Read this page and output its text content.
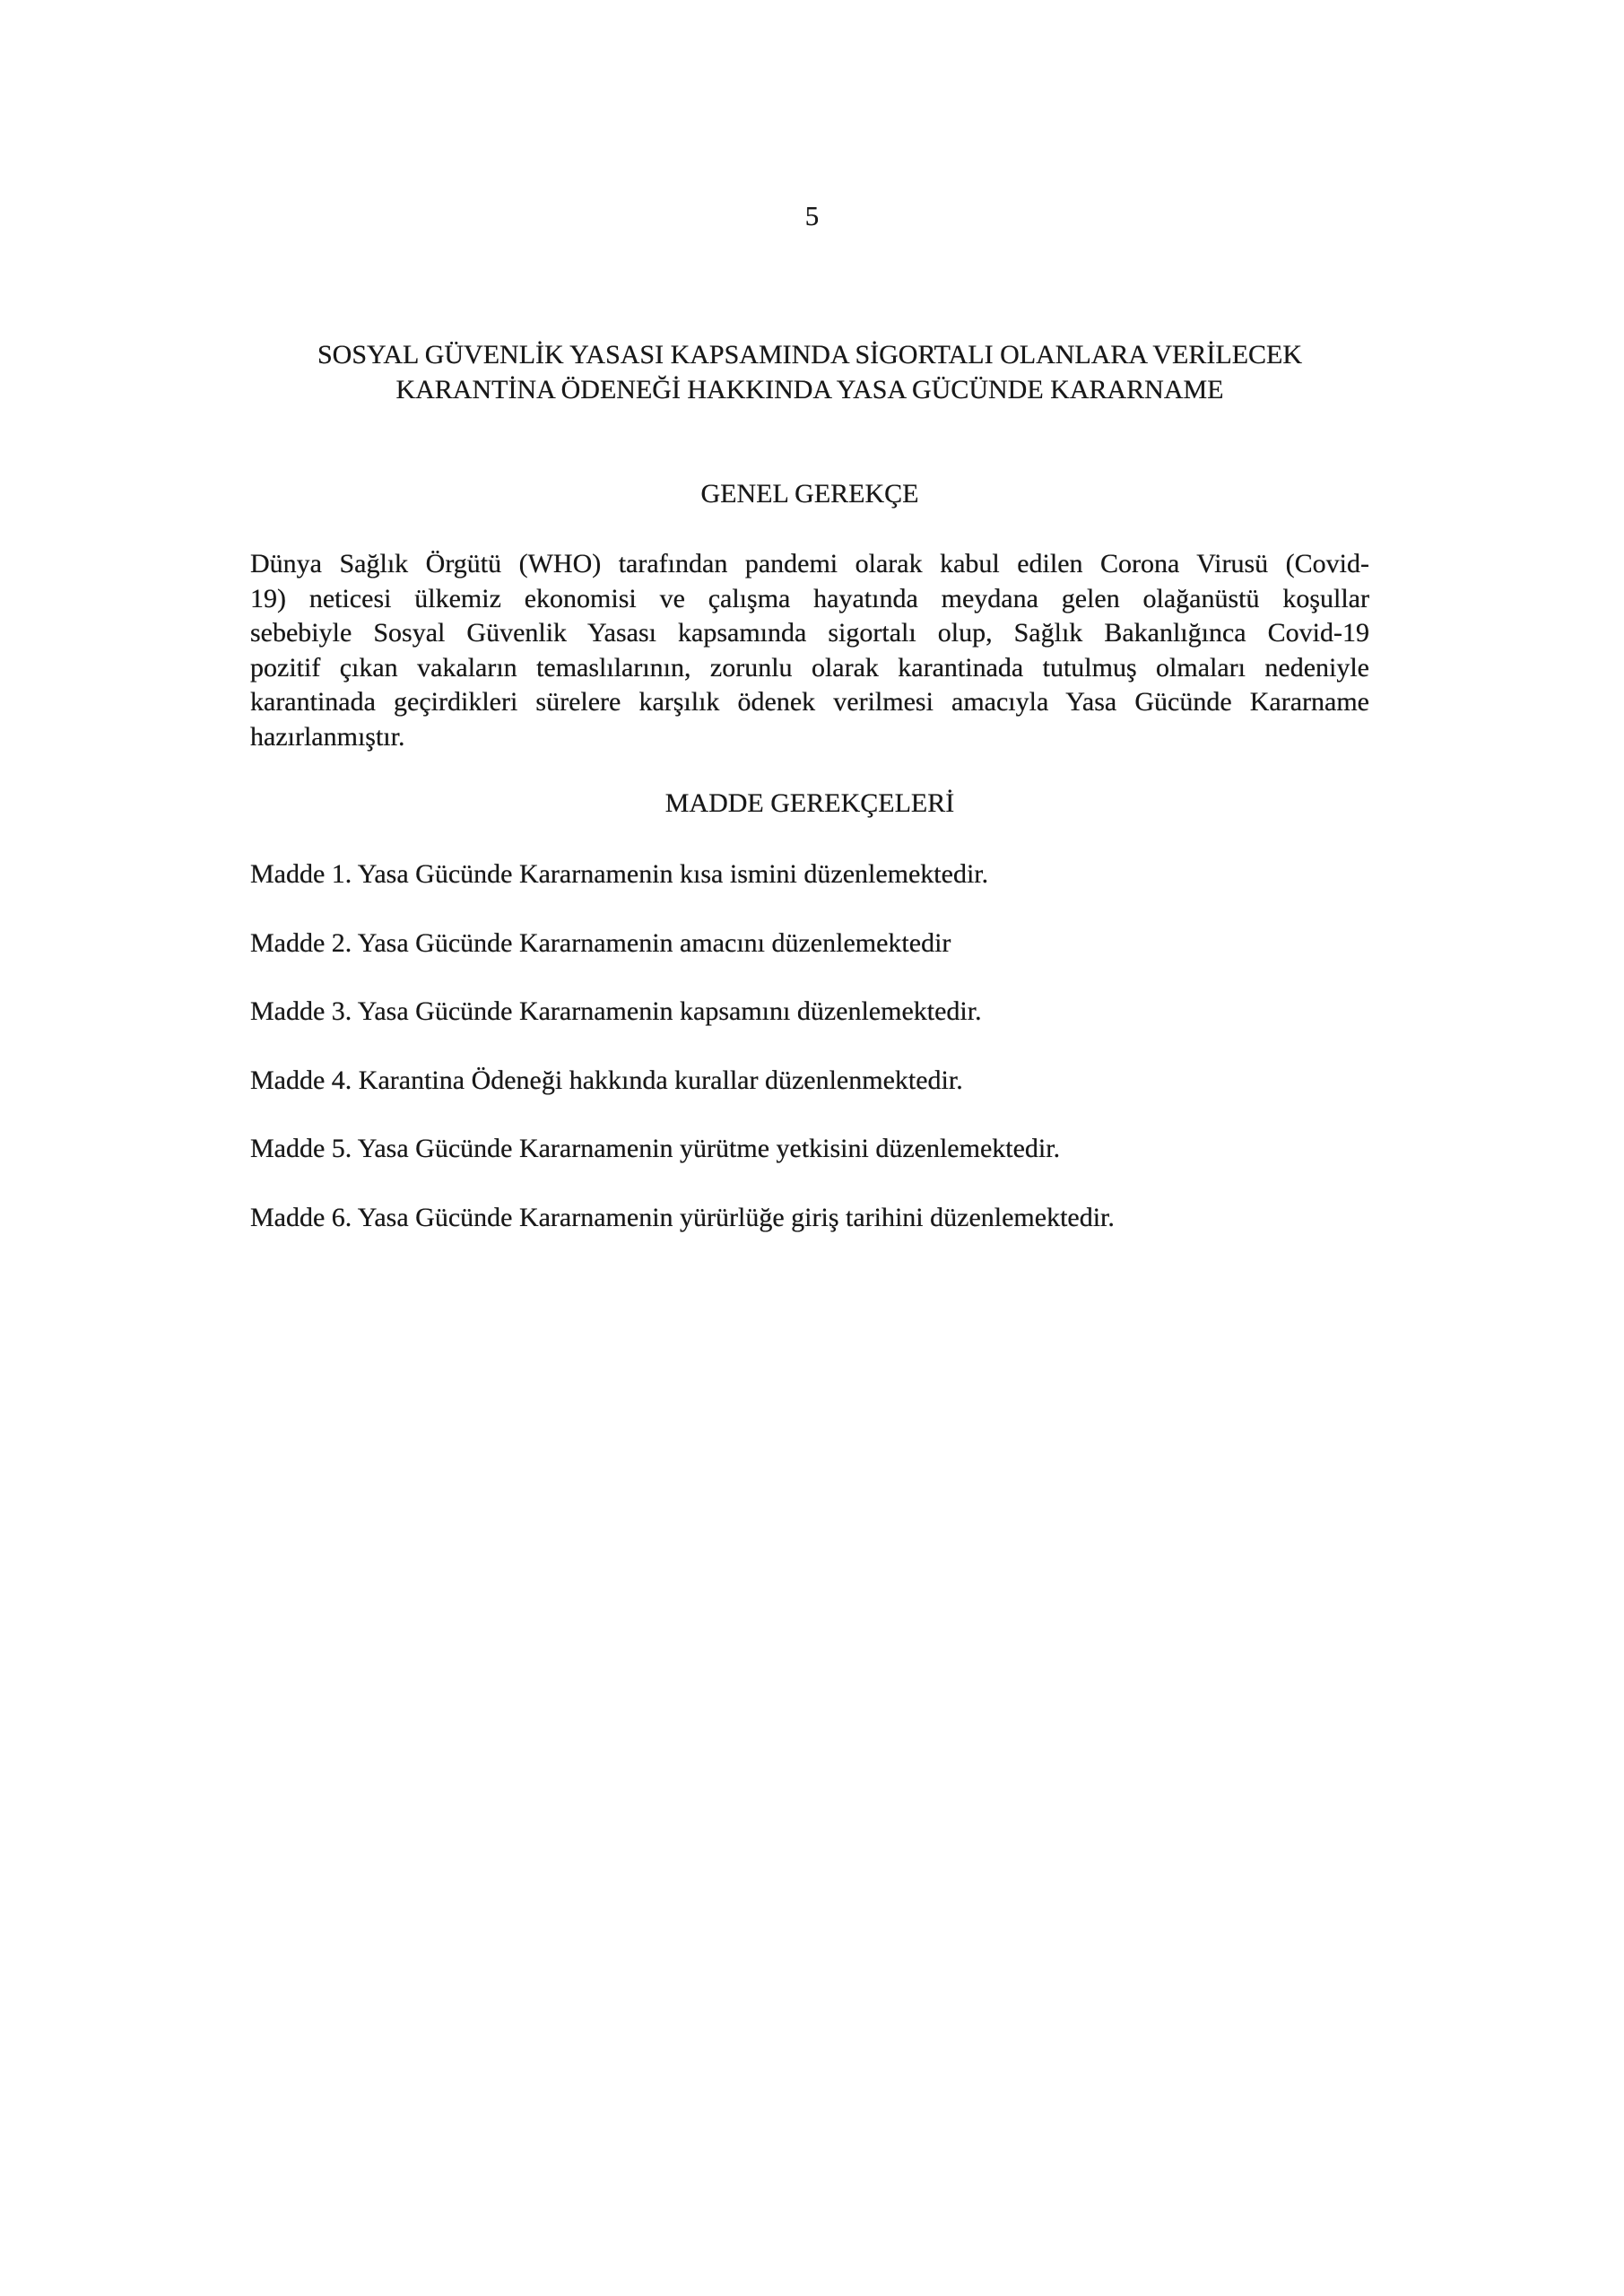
5
SOSYAL GÜVENLİK YASASI KAPSAMINDA SİGORTALI OLANLARA VERİLECEK
KARANTİNA ÖDENEĞİ HAKKINDA YASA GÜCÜNDE KARARNAME
GENEL GEREKÇE
Dünya Sağlık Örgütü (WHO) tarafından pandemi olarak kabul edilen Corona Virusü (Covid-
19) neticesi ülkemiz ekonomisi ve çalışma hayatında meydana gelen olağanüstü koşullar
sebebiyle Sosyal Güvenlik Yasası kapsamında sigortalı olup, Sağlık Bakanlığınca Covid-19
pozitif çıkan vakaların temaslılarının, zorunlu olarak karantinada tutulmuş olmaları nedeniyle
karantinada geçirdikleri sürelere karşılık ödenek verilmesi amacıyla Yasa Gücünde Kararname
hazırlanmıştır.
MADDE GEREKÇELERİ
Madde 1. Yasa Gücünde Kararnamenin kısa ismini düzenlemektedir.
Madde 2. Yasa Gücünde Kararnamenin amacını düzenlemektedir
Madde 3. Yasa Gücünde Kararnamenin kapsamını düzenlemektedir.
Madde 4. Karantina Ödeneği hakkında kurallar düzenlenmektedir.
Madde 5. Yasa Gücünde Kararnamenin yürütme yetkisini düzenlemektedir.
Madde 6. Yasa Gücünde Kararnamenin yürürlüğe giriş tarihini düzenlemektedir.
